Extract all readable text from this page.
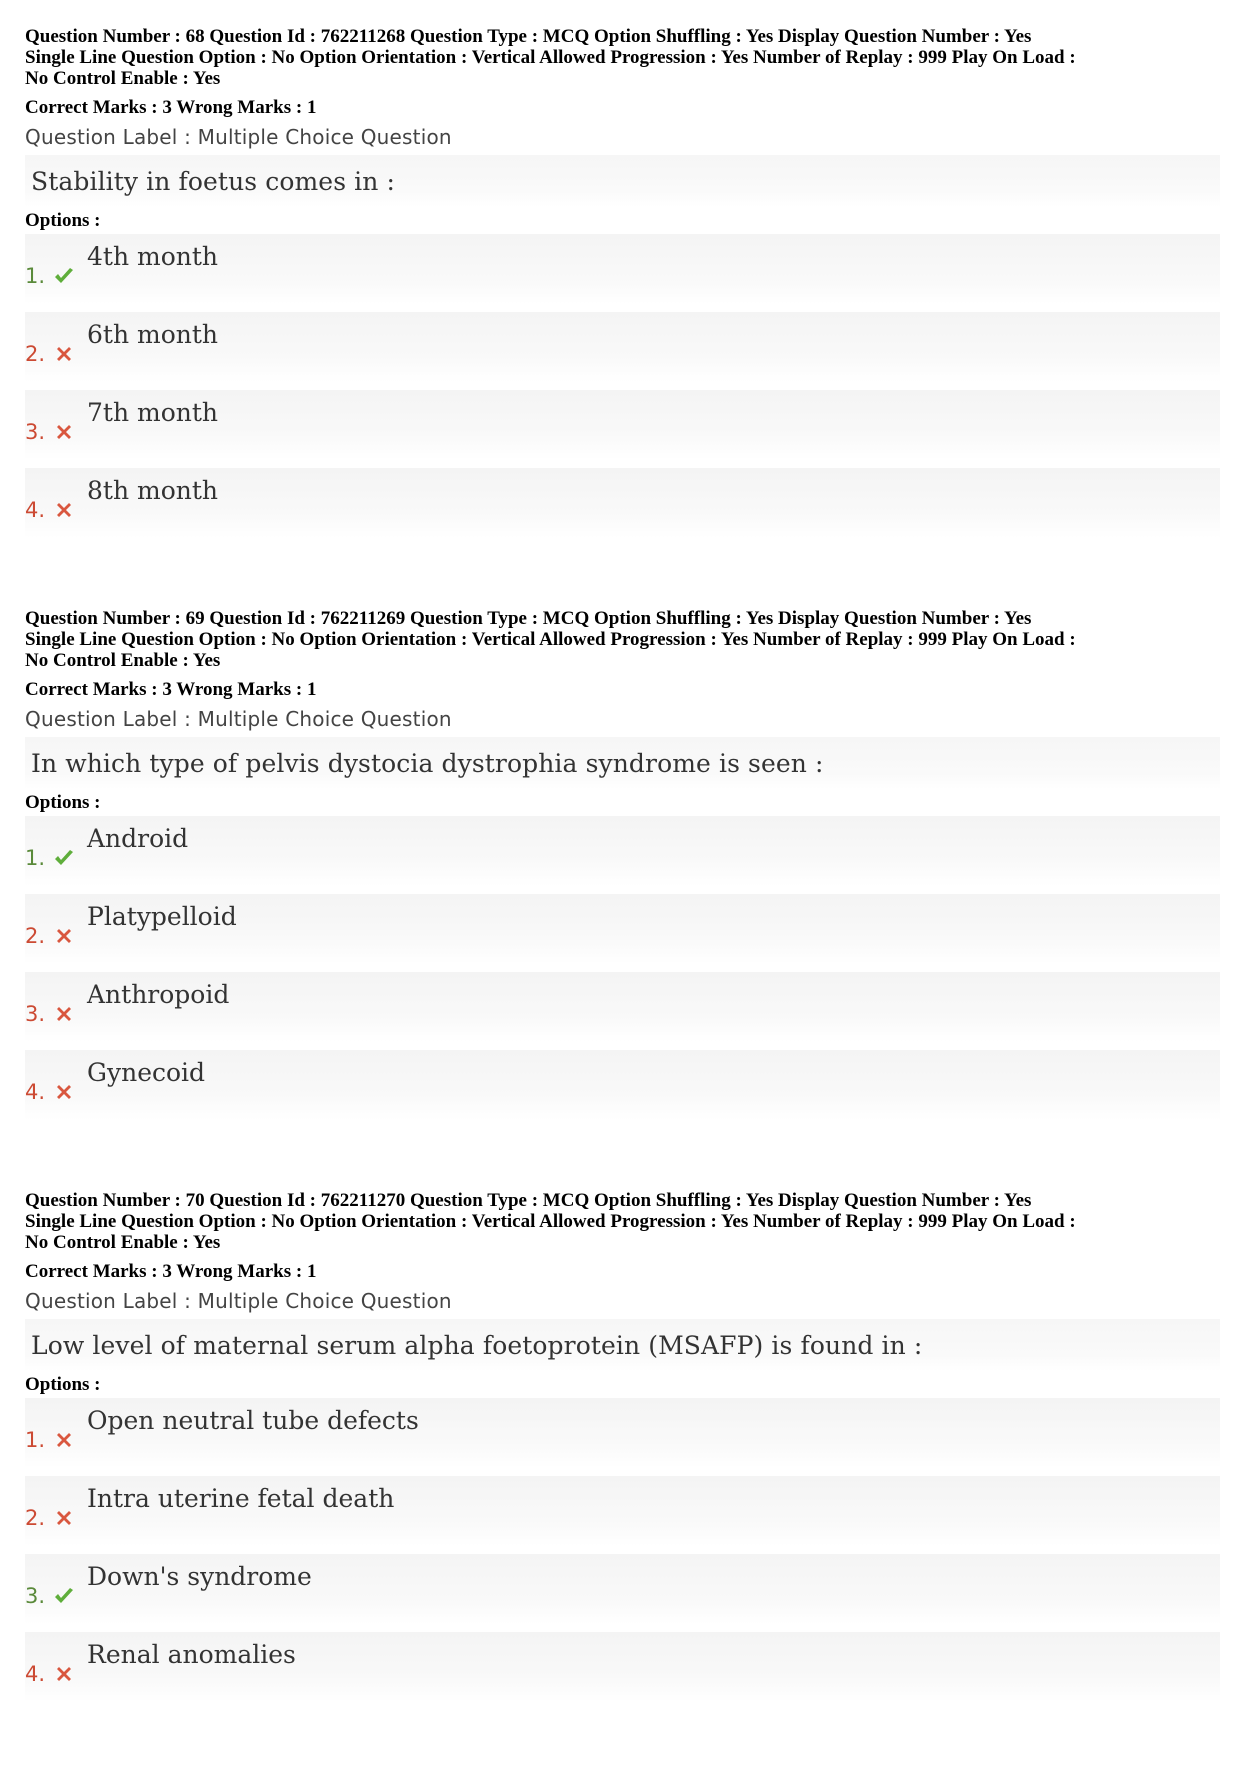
Question Number : 68 Question Id : 762211268 Question Type : MCQ Option Shuffling : Yes Display Question Number : Yes
Single Line Question Option : No Option Orientation : Vertical Allowed Progression : Yes Number of Replay : 999 Play On Load :
No Control Enable : Yes
Correct Marks : 3 Wrong Marks : 1
Question Label : Multiple Choice Question
Stability in foetus comes in :
Options :
1.
4th month
2.
6th month
3.
7th month
4.
8th month
Question Number : 69 Question Id : 762211269 Question Type : MCQ Option Shuffling : Yes Display Question Number : Yes
Single Line Question Option : No Option Orientation : Vertical Allowed Progression : Yes Number of Replay : 999 Play On Load :
No Control Enable : Yes
Correct Marks : 3 Wrong Marks : 1
Question Label : Multiple Choice Question
In which type of pelvis dystocia dystrophia syndrome is seen :
Options :
1.
Android
2.
Platypelloid
3.
Anthropoid
4.
Gynecoid
Question Number : 70 Question Id : 762211270 Question Type : MCQ Option Shuffling : Yes Display Question Number : Yes
Single Line Question Option : No Option Orientation : Vertical Allowed Progression : Yes Number of Replay : 999 Play On Load :
No Control Enable : Yes
Correct Marks : 3 Wrong Marks : 1
Question Label : Multiple Choice Question
Low level of maternal serum alpha foetoprotein (MSAFP) is found in :
Options :
1.
Open neutral tube defects
2.
Intra uterine fetal death
3.
Down's syndrome
4.
Renal anomalies
